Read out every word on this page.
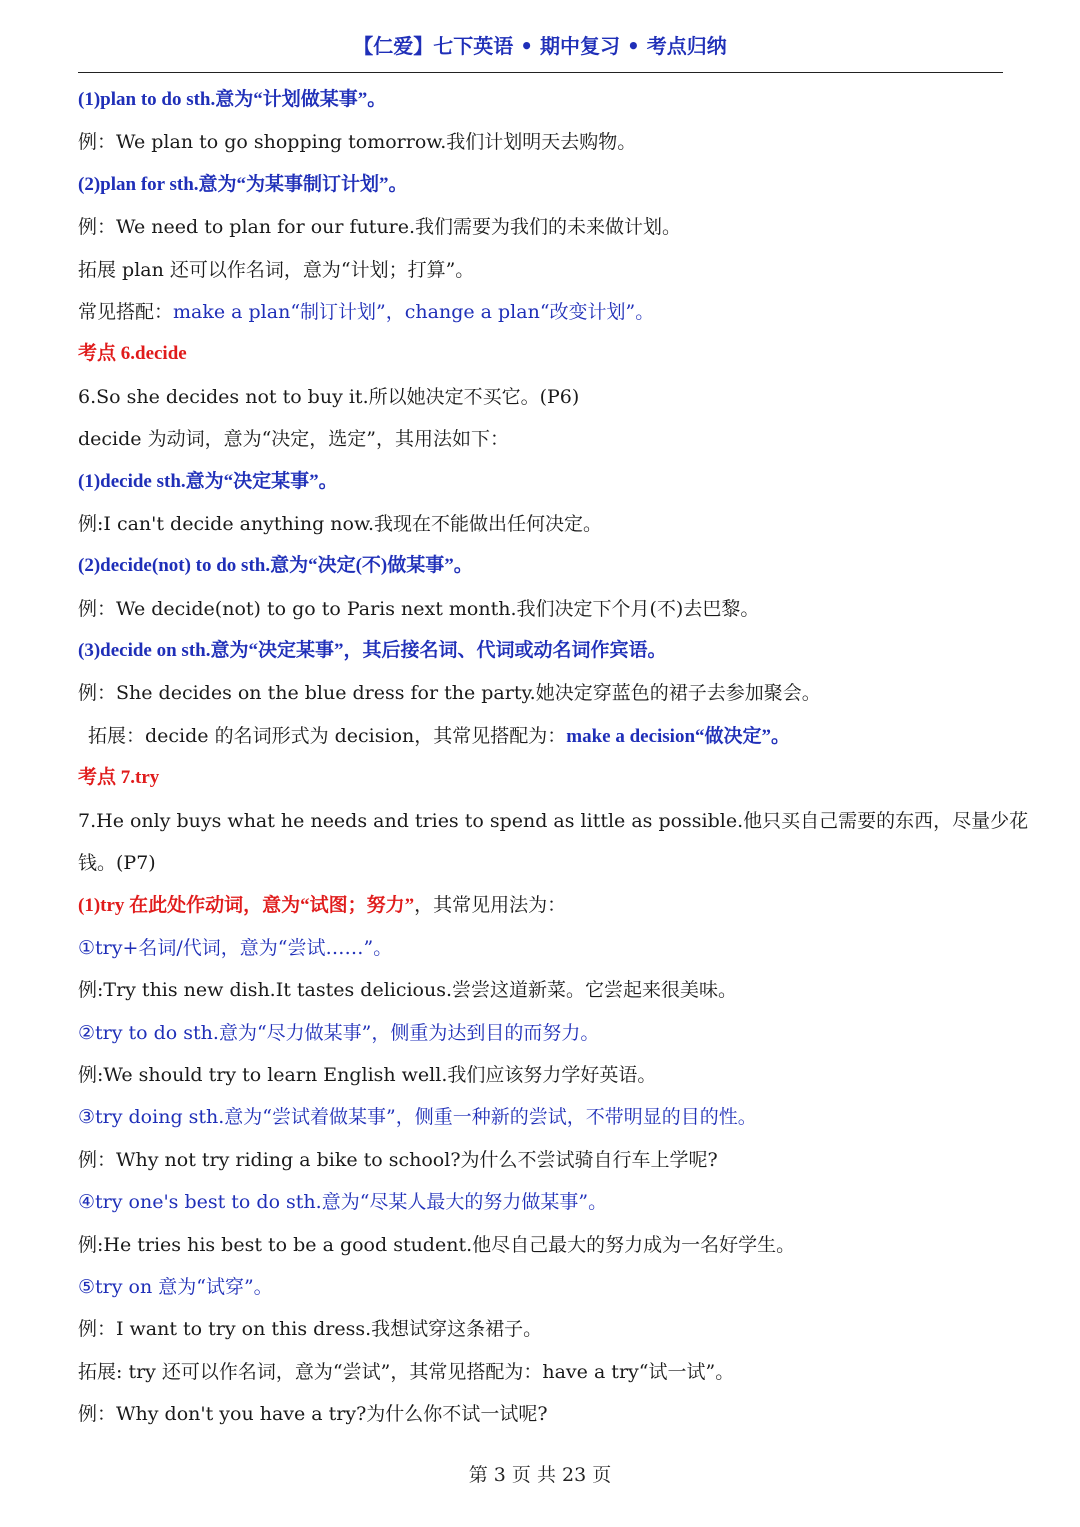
【仁爱】七下英语 • 期中复习 • 考点归纳
(1)plan to do sth.意为“计划做某事”。
例：We plan to go shopping tomorrow.我们计划明天去购物。
(2)plan for sth.意为“为某事制订计划”。
例：We need to plan for our future.我们需要为我们的未来做计划。
拓展 plan 还可以作名词，意为“计划；打算”。
常见搭配：make a plan“制订计划”，change a plan“改变计划”。
考点 6.decide
6.So she decides not to buy it.所以她决定不买它。(P6)
decide 为动词，意为“决定，选定”，其用法如下：
(1)decide sth.意为“决定某事”。
例:I can't decide anything now.我现在不能做出任何决定。
(2)decide(not) to do sth.意为“决定(不)做某事”。
例：We decide(not) to go to Paris next month.我们决定下个月(不)去巴黎。
(3)decide on sth.意为“决定某事”，其后接名词、代词或动名词作宾语。
例：She decides on the blue dress for the party.她决定穿蓝色的裙子去参加聚会。
拓展：decide 的名词形式为 decision，其常见搭配为：make a decision“做决定”。
考点 7.try
7.He only buys what he needs and tries to spend as little as possible.他只买自己需要的东西，尽量少花
钱。(P7)
(1)try 在此处作动词，意为“试图；努力”，其常见用法为：
①try+名词/代词，意为“尝试……”。
例:Try this new dish.It tastes delicious.尝尝这道新菜。它尝起来很美味。
②try to do sth.意为“尽力做某事”，侧重为达到目的而努力。
例:We should try to learn English well.我们应该努力学好英语。
③try doing sth.意为“尝试着做某事”，侧重一种新的尝试，不带明显的目的性。
例：Why not try riding a bike to school?为什么不尝试骑自行车上学呢?
④try one's best to do sth.意为“尽某人最大的努力做某事”。
例:He tries his best to be a good student.他尽自己最大的努力成为一名好学生。
⑤try on 意为“试穿”。
例：I want to try on this dress.我想试穿这条裙子。
拓展: try 还可以作名词，意为“尝试”，其常见搭配为：have a try“试一试”。
例：Why don't you have a try?为什么你不试一试呢?
第 3 页 共 23 页
